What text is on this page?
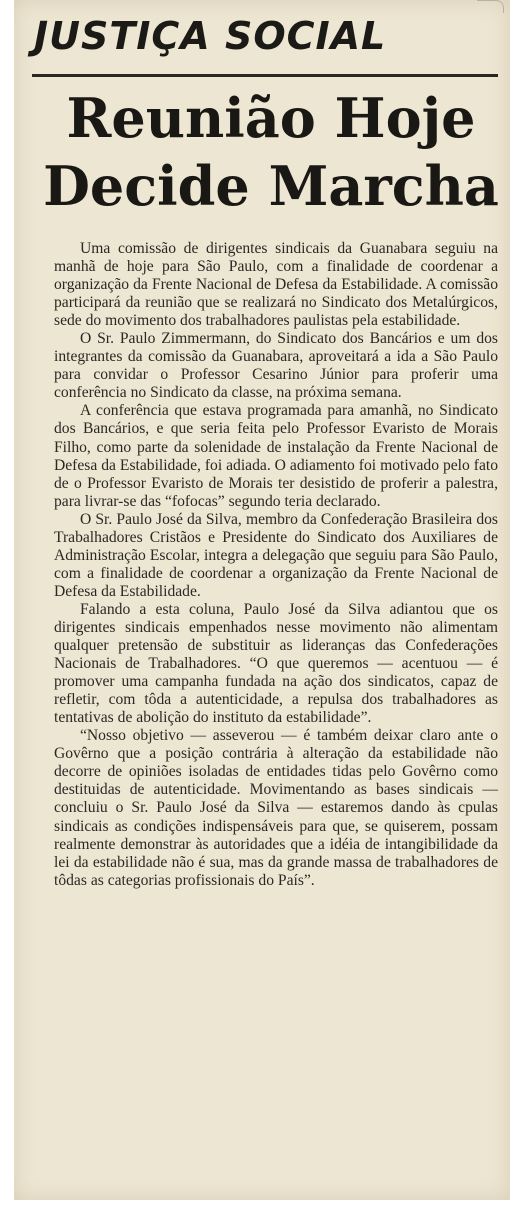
JUSTIÇA SOCIAL
Reunião Hoje
Decide Marcha

Uma comissão de dirigentes sindicais da Guanabara seguiu na manhã de hoje para São Paulo, com a finalidade de coordenar a organização da Frente Nacional de Defesa da Estabilidade. A comissão participará da reunião que se realizará no Sindicato dos Metalúrgicos, sede do movimento dos trabalhadores paulistas pela estabilidade.

O Sr. Paulo Zimmermann, do Sindicato dos Bancários e um dos integrantes da comissão da Guanabara, aproveitará a ida a São Paulo para convidar o Professor Cesarino Júnior para proferir uma conferência no Sindicato da classe, na próxima semana.

A conferência que estava programada para amanhã, no Sindicato dos Bancários, e que seria feita pelo Professor Evaristo de Morais Filho, como parte da solenidade de instalação da Frente Nacional de Defesa da Estabilidade, foi adiada. O adiamento foi motivado pelo fato de o Professor Evaristo de Morais ter desistido de proferir a palestra, para livrar-se das “fofocas” segundo teria declarado.

O Sr. Paulo José da Silva, membro da Confederação Brasileira dos Trabalhadores Cristãos e Presidente do Sindicato dos Auxiliares de Administração Escolar, integra a delegação que seguiu para São Paulo, com a finalidade de coordenar a organização da Frente Nacional de Defesa da Estabilidade.

Falando a esta coluna, Paulo José da Silva adiantou que os dirigentes sindicais empenhados nesse movimento não alimentam qualquer pretensão de substituir as lideranças das Confederações Nacionais de Trabalhadores. “O que queremos — acentuou — é promover uma campanha fundada na ação dos sindicatos, capaz de refletir, com tôda a autenticidade, a repulsa dos trabalhadores as tentativas de abolição do instituto da estabilidade”.

“Nosso objetivo — asseverou — é também deixar claro ante o Govêrno que a posição contrária à alteração da estabilidade não decorre de opiniões isoladas de entidades tidas pelo Govêrno como destituidas de autenticidade. Movimentando as bases sindicais — concluiu o Sr. Paulo José da Silva — estaremos dando às cpulas sindicais as condições indispensáveis para que, se quiserem, possam realmente demonstrar às autoridades que a idéia de intangibilidade da lei da estabilidade não é sua, mas da grande massa de trabalhadores de tôdas as categorias profissionais do País”.
